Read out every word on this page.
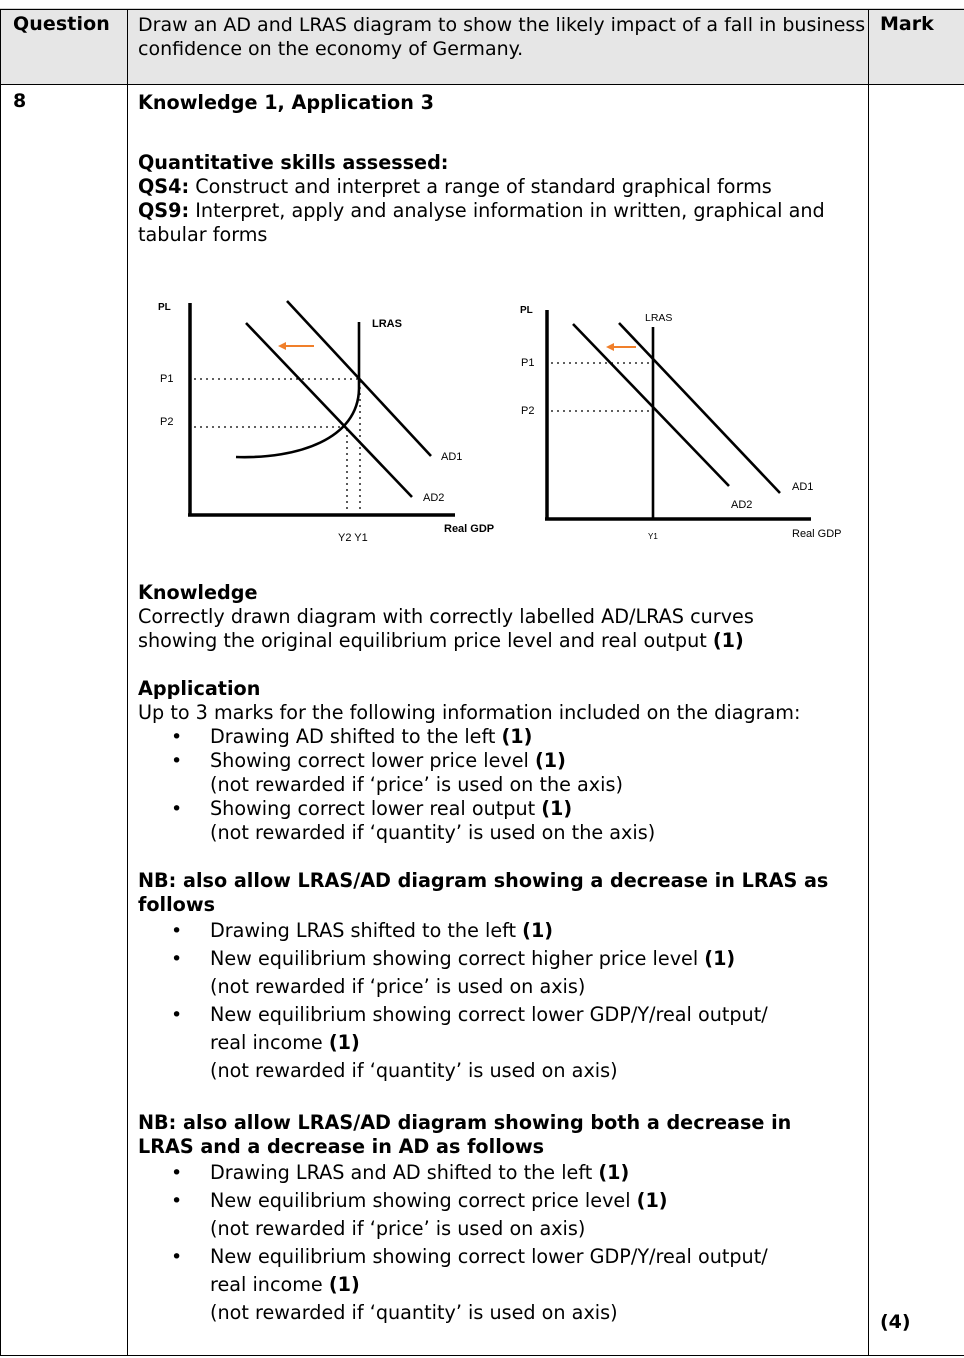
Question	Draw an AD and LRAS diagram to show the likely impact of a fall in business confidence on the economy of Germany.	Mark

8	Knowledge 1, Application 3
Quantitative skills assessed:
QS4: Construct and interpret a range of standard graphical forms
QS9: Interpret, apply and analyse information in written, graphical and tabular forms
PL
P1
P2
LRAS
AD1
AD2
Real GDP
Y2 Y1
PL
P1
P2
LRAS
AD1
AD2
Real GDP
Y1
Knowledge
Correctly drawn diagram with correctly labelled AD/LRAS curves showing the original equilibrium price level and real output (1)
Application
Up to 3 marks for the following information included on the diagram:
• Drawing AD shifted to the left (1)
• Showing correct lower price level (1)
(not rewarded if ‘price’ is used on the axis)
• Showing correct lower real output (1)
(not rewarded if ‘quantity’ is used on the axis)
NB: also allow LRAS/AD diagram showing a decrease in LRAS as follows
• Drawing LRAS shifted to the left (1)
• New equilibrium showing correct higher price level (1)
(not rewarded if ‘price’ is used on axis)
• New equilibrium showing correct lower GDP/Y/real output/
real income (1)
(not rewarded if ‘quantity’ is used on axis)
NB: also allow LRAS/AD diagram showing both a decrease in LRAS and a decrease in AD as follows
• Drawing LRAS and AD shifted to the left (1)
• New equilibrium showing correct price level (1)
(not rewarded if ‘price’ is used on axis)
• New equilibrium showing correct lower GDP/Y/real output/
real income (1)
(not rewarded if ‘quantity’ is used on axis)	(4)
